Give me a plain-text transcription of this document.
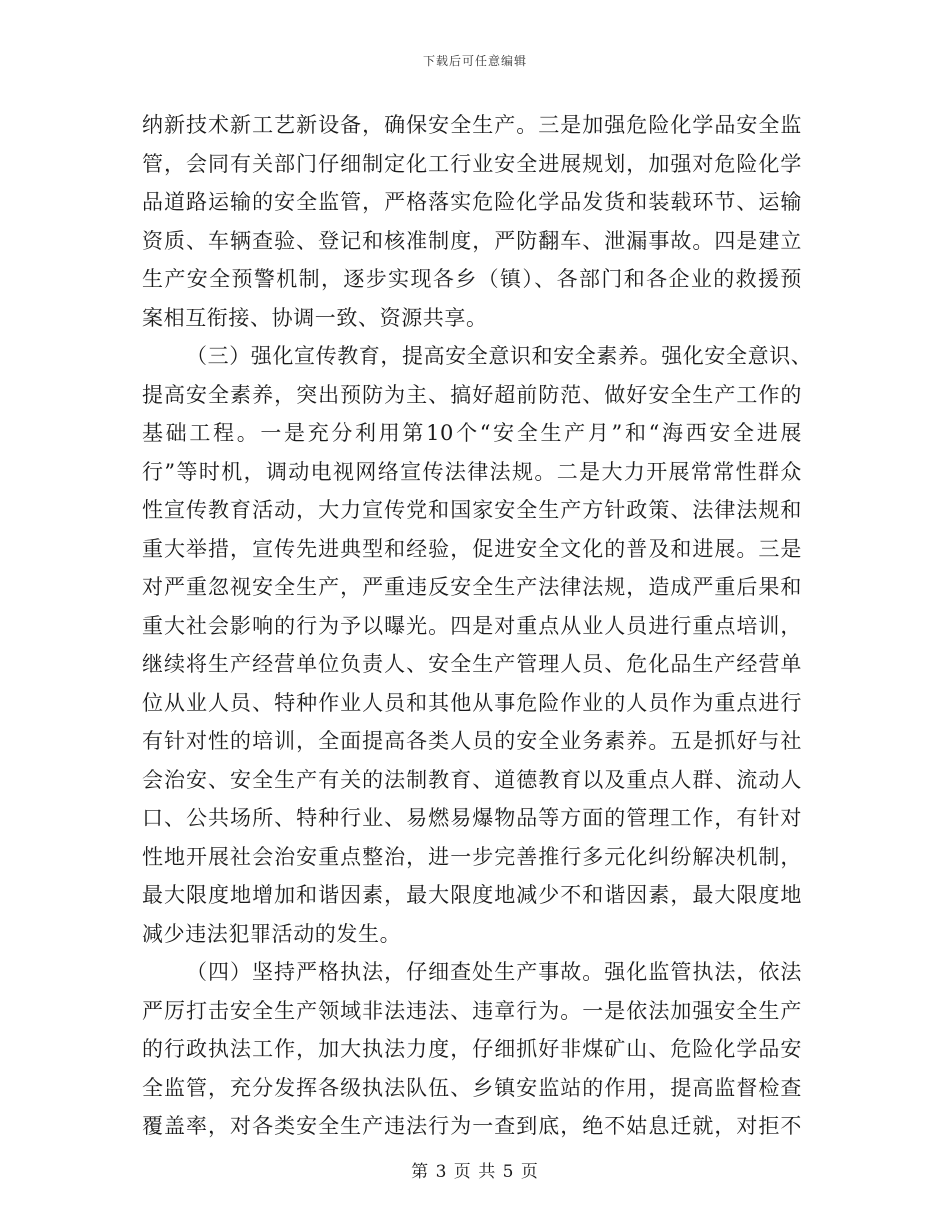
下载后可任意编辑
纳新技术新工艺新设备，确保安全生产。三是加强危险化学品安全监
管，会同有关部门仔细制定化工行业安全进展规划，加强对危险化学
品道路运输的安全监管，严格落实危险化学品发货和装载环节、运输
资质、车辆查验、登记和核准制度，严防翻车、泄漏事故。四是建立
生产安全预警机制，逐步实现各乡（镇）、各部门和各企业的救援预
案相互衔接、协调一致、资源共享。
（三）强化宣传教育，提高安全意识和安全素养。强化安全意识、
提高安全素养，突出预防为主、搞好超前防范、做好安全生产工作的
基础工程。一是充分利用第10个“安全生产月”和“海西安全进展
行”等时机，调动电视网络宣传法律法规。二是大力开展常常性群众
性宣传教育活动，大力宣传党和国家安全生产方针政策、法律法规和
重大举措，宣传先进典型和经验，促进安全文化的普及和进展。三是
对严重忽视安全生产，严重违反安全生产法律法规，造成严重后果和
重大社会影响的行为予以曝光。四是对重点从业人员进行重点培训，
继续将生产经营单位负责人、安全生产管理人员、危化品生产经营单
位从业人员、特种作业人员和其他从事危险作业的人员作为重点进行
有针对性的培训，全面提高各类人员的安全业务素养。五是抓好与社
会治安、安全生产有关的法制教育、道德教育以及重点人群、流动人
口、公共场所、特种行业、易燃易爆物品等方面的管理工作，有针对
性地开展社会治安重点整治，进一步完善推行多元化纠纷解决机制，
最大限度地增加和谐因素，最大限度地减少不和谐因素，最大限度地
减少违法犯罪活动的发生。
（四）坚持严格执法，仔细查处生产事故。强化监管执法，依法
严厉打击安全生产领域非法违法、违章行为。一是依法加强安全生产
的行政执法工作，加大执法力度，仔细抓好非煤矿山、危险化学品安
全监管，充分发挥各级执法队伍、乡镇安监站的作用，提高监督检查
覆盖率，对各类安全生产违法行为一查到底，绝不姑息迁就，对拒不
第 3 页 共 5 页
